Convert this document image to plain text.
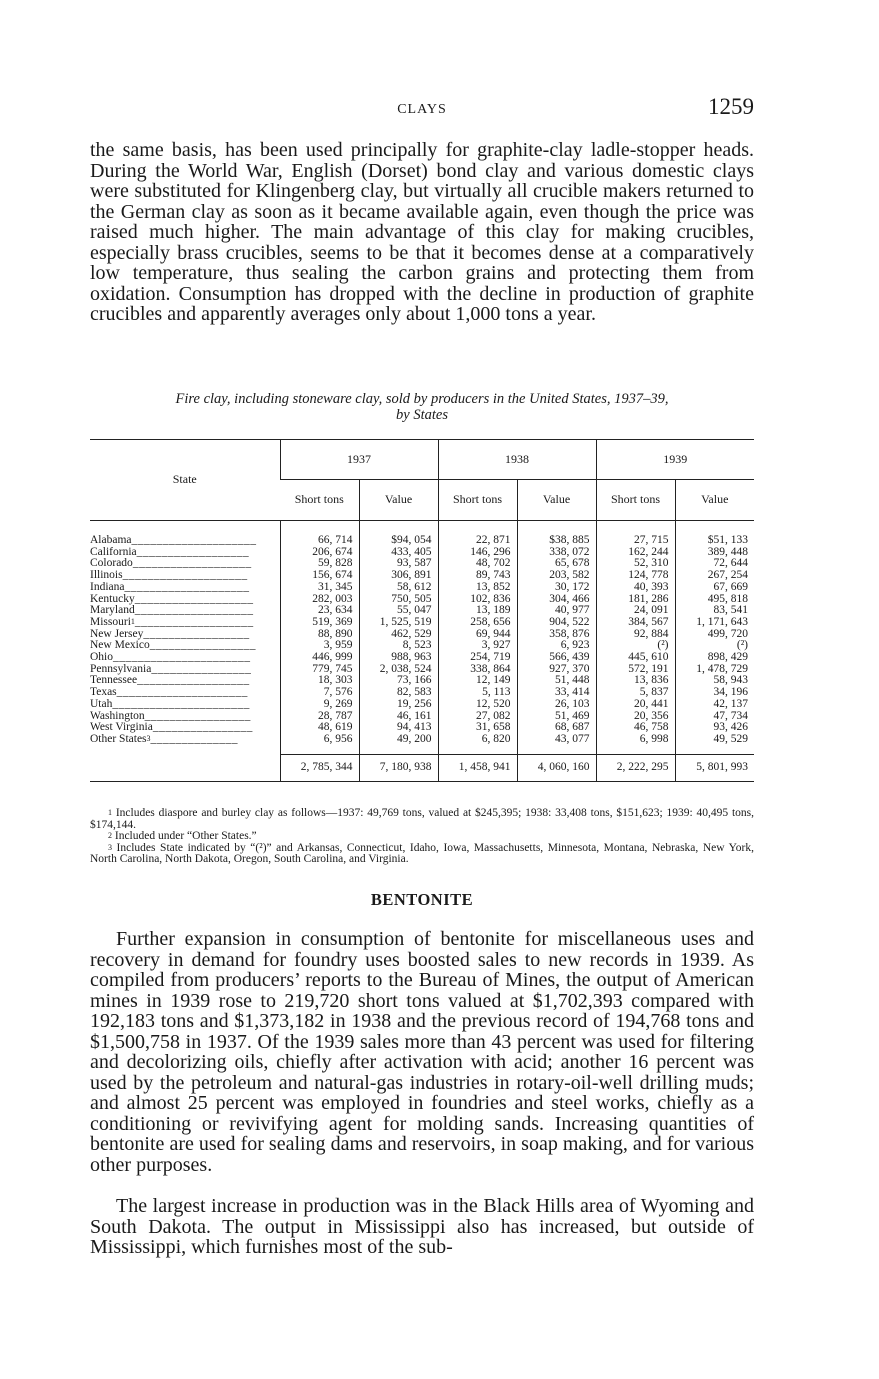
CLAYS	1259

the same basis, has been used principally for graphite-clay ladle-stopper heads. During the World War, English (Dorset) bond clay and various domestic clays were substituted for Klingenberg clay, but virtually all crucible makers returned to the German clay as soon as it became available again, even though the price was raised much higher. The main advantage of this clay for making crucibles, especially brass crucibles, seems to be that it becomes dense at a comparatively low temperature, thus sealing the carbon grains and protecting them from oxidation. Consumption has dropped with the decline in production of graphite crucibles and apparently averages only about 1,000 tons a year.

Fire clay, including stoneware clay, sold by producers in the United States, 1937–39,
by States
State	1937		1938		1939	
	Short tons	Value	Short tons	Value	Short tons	Value

Alabama____________________	66, 714	$94, 054	22, 871	$38, 885	27, 715	$51, 133
California__________________	206, 674	433, 405	146, 296	338, 072	162, 244	389, 448
Colorado___________________	59, 828	93, 587	48, 702	65, 678	52, 310	72, 644
Illinois____________________	156, 674	306, 891	89, 743	203, 582	124, 778	267, 254
Indiana____________________	31, 345	58, 612	13, 852	30, 172	40, 393	67, 669
Kentucky___________________	282, 003	750, 505	102, 836	304, 466	181, 286	495, 818
Maryland___________________	23, 634	55, 047	13, 189	40, 977	24, 091	83, 541
Missouri$^1$___________________	519, 369	1, 525, 519	258, 656	904, 522	384, 567	1, 171, 643
New Jersey_________________	88, 890	462, 529	69, 944	358, 876	92, 884	499, 720
New Mexico_________________	3, 959	8, 523	3, 927	6, 923	(²)	(²)
Ohio______________________	446, 999	988, 963	254, 719	566, 439	445, 610	898, 429
Pennsylvania________________	779, 745	2, 038, 524	338, 864	927, 370	572, 191	1, 478, 729
Tennessee__________________	18, 303	73, 166	12, 149	51, 448	13, 836	58, 943
Texas_____________________	7, 576	82, 583	5, 113	33, 414	5, 837	34, 196
Utah______________________	9, 269	19, 256	12, 520	26, 103	20, 441	42, 137
Washington_________________	28, 787	46, 161	27, 082	51, 469	20, 356	47, 734
West Virginia________________	48, 619	94, 413	31, 658	68, 687	46, 758	93, 426
Other States$^3$______________	6, 956	49, 200	6, 820	43, 077	6, 998	49, 529
	2, 785, 344	7, 180, 938	1, 458, 941	4, 060, 160	2, 222, 295	5, 801, 993

$^1$ Includes diaspore and burley clay as follows—1937: 49,769 tons, valued at $245,395; 1938: 33,408 tons, $151,623; 1939: 40,495 tons, $174,144.

$^2$ Included under “Other States.”

$^3$ Includes State indicated by “(²)” and Arkansas, Connecticut, Idaho, Iowa, Massachusetts, Minnesota, Montana, Nebraska, New York, North Carolina, North Dakota, Oregon, South Carolina, and Virginia.

BENTONITE

Further expansion in consumption of bentonite for miscellaneous uses and recovery in demand for foundry uses boosted sales to new records in 1939. As compiled from producers’ reports to the Bureau of Mines, the output of American mines in 1939 rose to 219,720 short tons valued at $1,702,393 compared with 192,183 tons and $1,373,182 in 1938 and the previous record of 194,768 tons and $1,500,758 in 1937. Of the 1939 sales more than 43 percent was used for filtering and decolorizing oils, chiefly after activation with acid; another 16 percent was used by the petroleum and natural-gas industries in rotary-oil-well drilling muds; and almost 25 percent was employed in foundries and steel works, chiefly as a conditioning or revivifying agent for molding sands. Increasing quantities of bentonite are used for sealing dams and reservoirs, in soap making, and for various other purposes.

The largest increase in production was in the Black Hills area of Wyoming and South Dakota. The output in Mississippi also has increased, but outside of Mississippi, which furnishes most of the sub-
